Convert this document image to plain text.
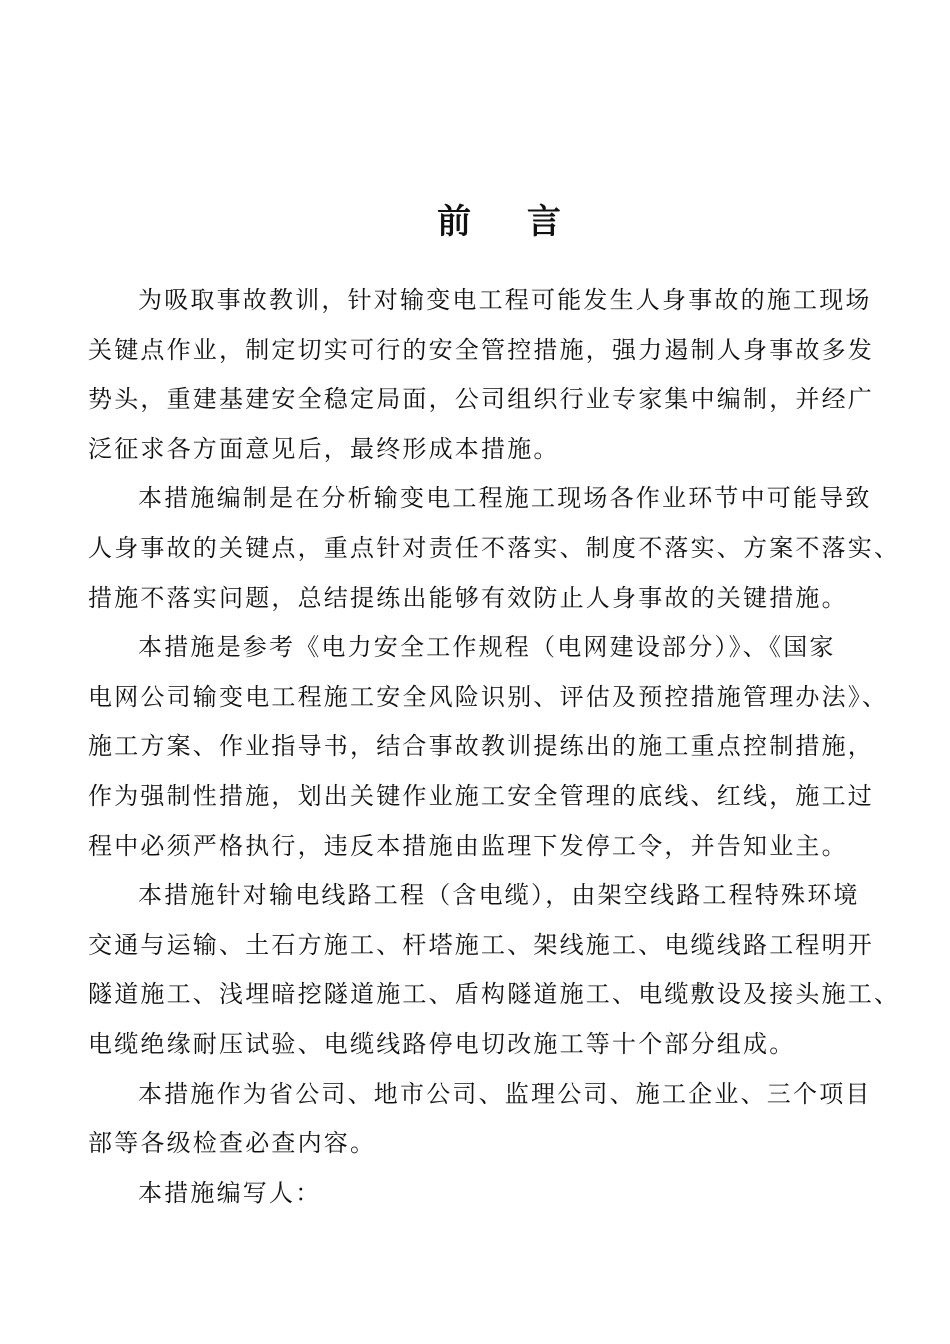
前 言

为吸取事故教训，针对输变电工程可能发生人身事故的施工现场
关键点作业，制定切实可行的安全管控措施，强力遏制人身事故多发
势头，重建基建安全稳定局面，公司组织行业专家集中编制，并经广
泛征求各方面意见后，最终形成本措施。

本措施编制是在分析输变电工程施工现场各作业环节中可能导致
人身事故的关键点，重点针对责任不落实、制度不落实、方案不落实、
措施不落实问题，总结提练出能够有效防止人身事故的关键措施。

本措施是参考《电力安全工作规程（电网建设部分）》、《国家
电网公司输变电工程施工安全风险识别、评估及预控措施管理办法》、
施工方案、作业指导书，结合事故教训提练出的施工重点控制措施，
作为强制性措施，划出关键作业施工安全管理的底线、红线，施工过
程中必须严格执行，违反本措施由监理下发停工令，并告知业主。

本措施针对输电线路工程（含电缆），由架空线路工程特殊环境
交通与运输、土石方施工、杆塔施工、架线施工、电缆线路工程明开
隧道施工、浅埋暗挖隧道施工、盾构隧道施工、电缆敷设及接头施工、
电缆绝缘耐压试验、电缆线路停电切改施工等十个部分组成。

本措施作为省公司、地市公司、监理公司、施工企业、三个项目
部等各级检查必查内容。

本措施编写人：
